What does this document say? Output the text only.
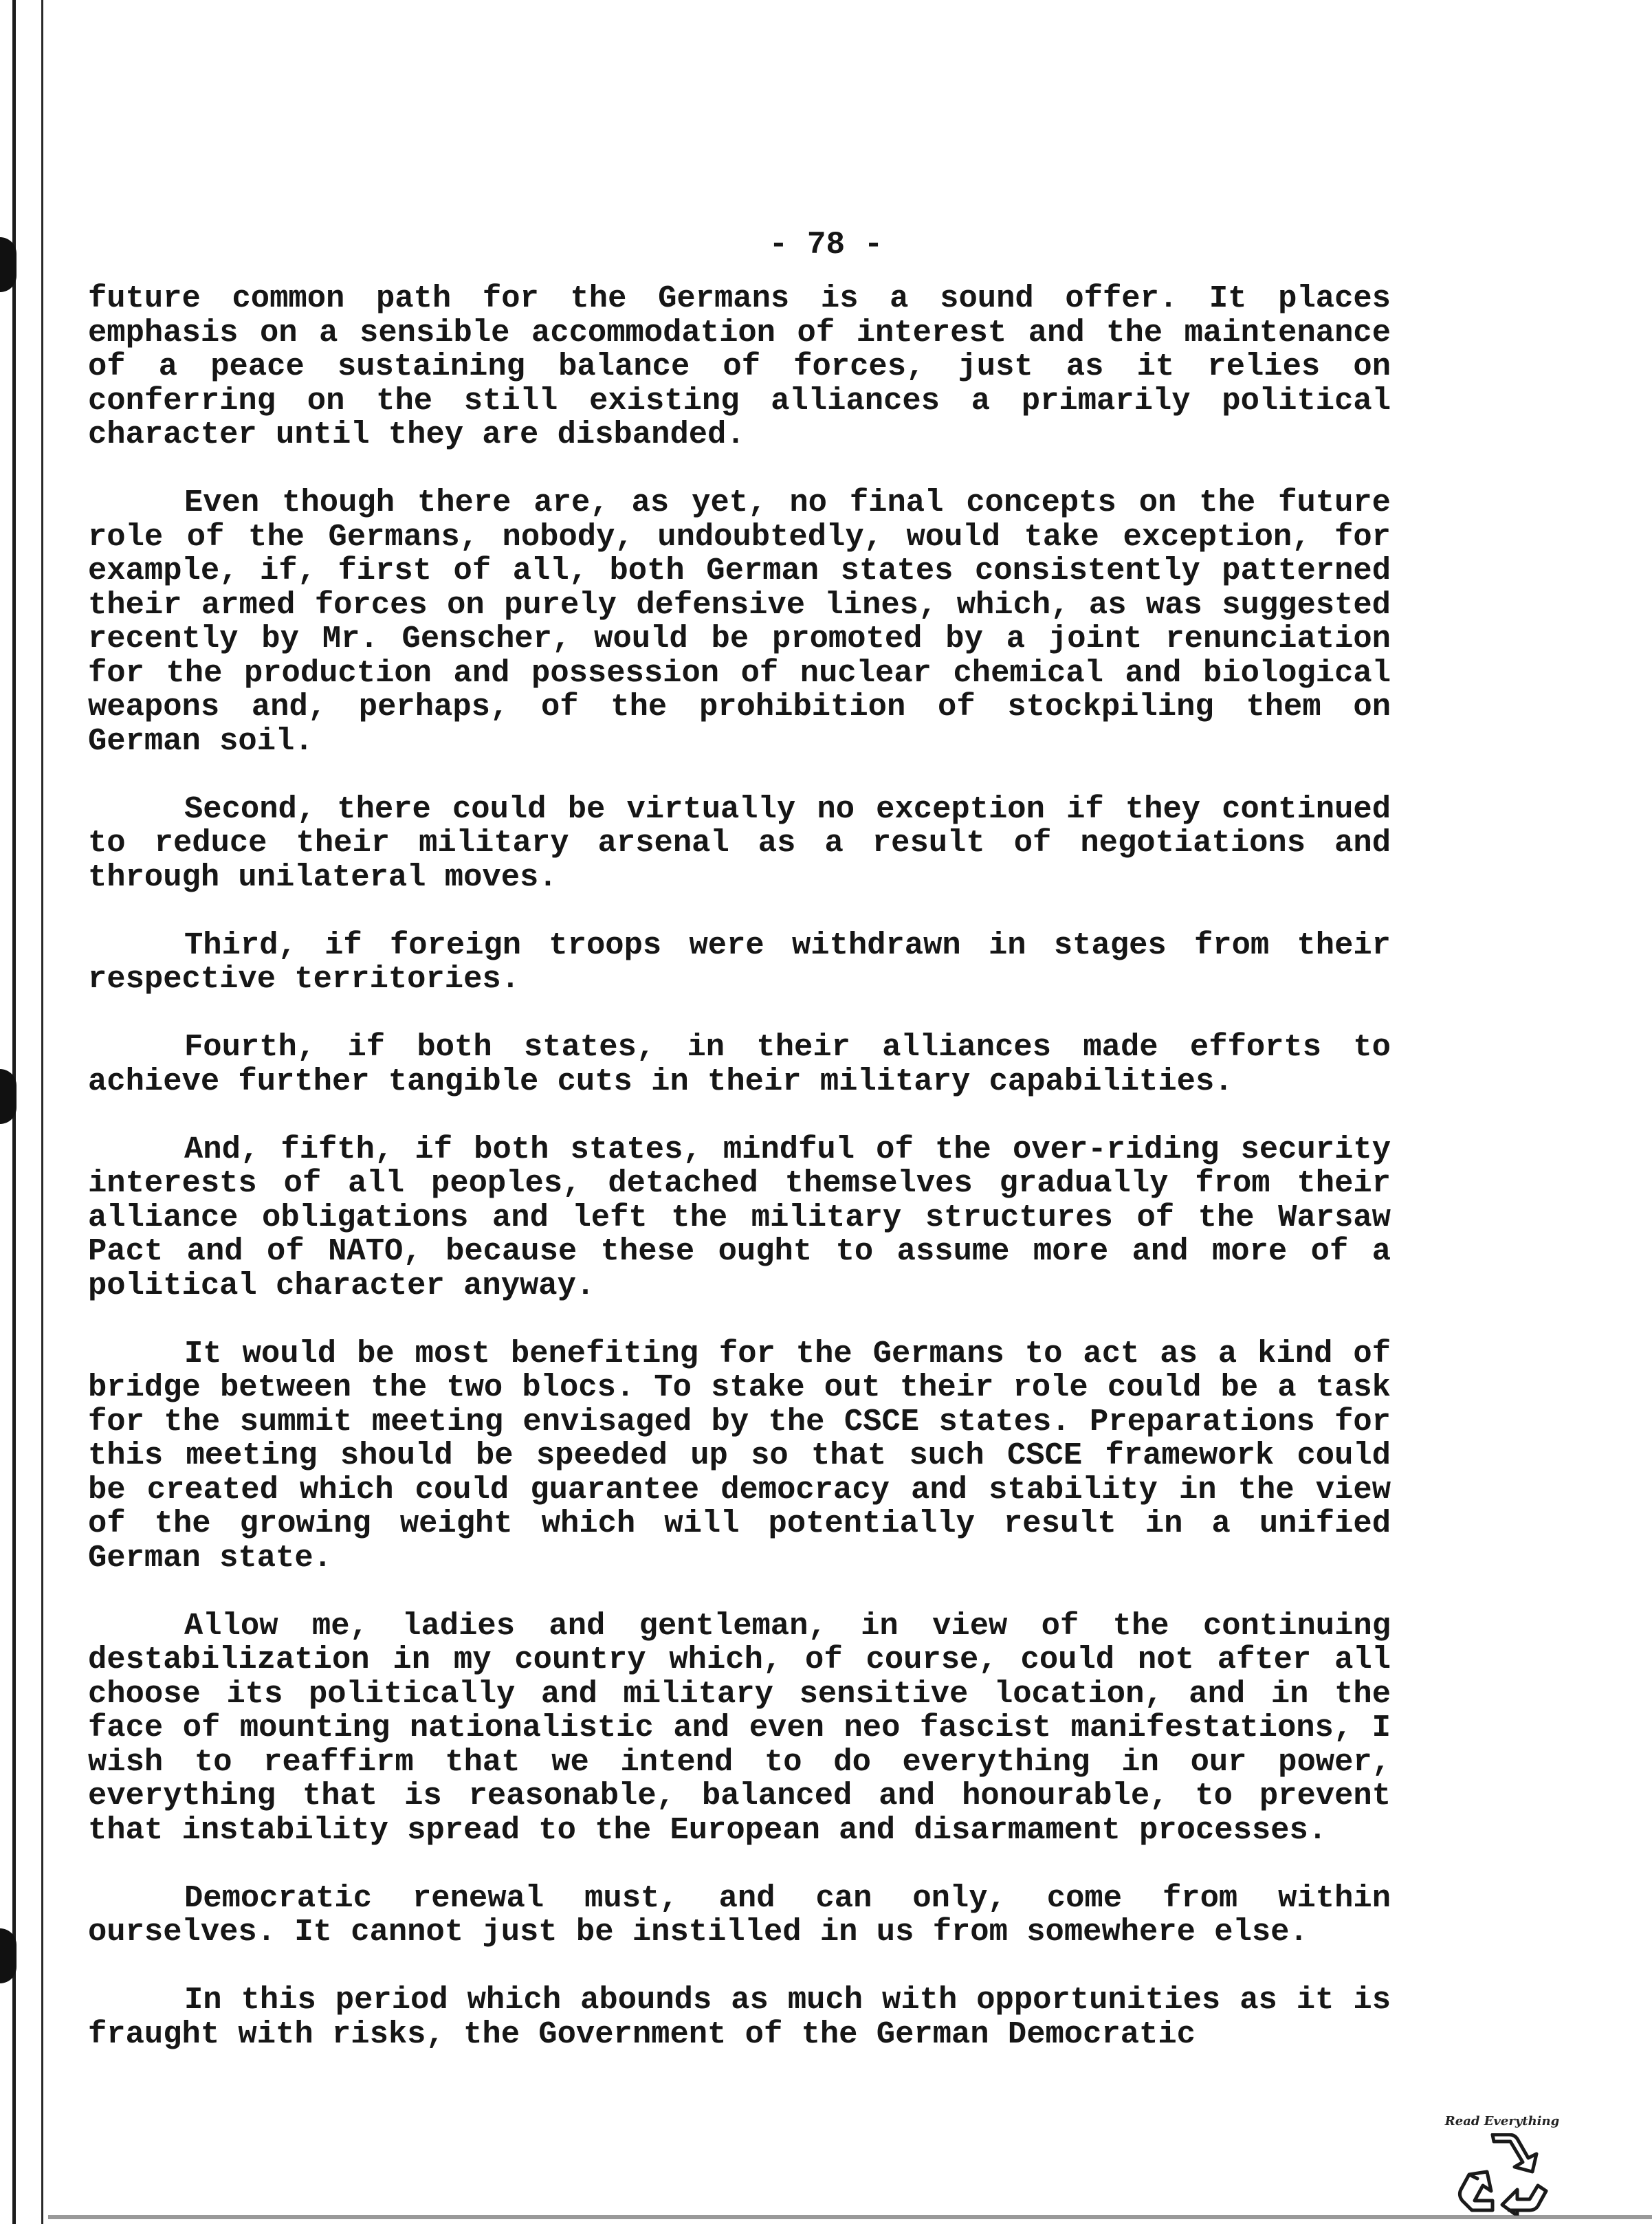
- 78 -

future common path for the Germans is a sound offer. It places emphasis on a sensible accommodation of interest and the maintenance of a peace sustaining balance of forces, just as it relies on conferring on the still existing alliances a primarily political character until they are disbanded.

Even though there are, as yet, no final concepts on the future role of the Germans, nobody, undoubtedly, would take exception, for example, if, first of all, both German states consistently patterned their armed forces on purely defensive lines, which, as was suggested recently by Mr. Genscher, would be promoted by a joint renunciation for the production and possession of nuclear chemical and biological weapons and, perhaps, of the prohibition of stockpiling them on German soil.

Second, there could be virtually no exception if they continued to reduce their military arsenal as a result of negotiations and through unilateral moves.

Third, if foreign troops were withdrawn in stages from their respective territories.

Fourth, if both states, in their alliances made efforts to achieve further tangible cuts in their military capabilities.

And, fifth, if both states, mindful of the over-riding security interests of all peoples, detached themselves gradually from their alliance obligations and left the military structures of the Warsaw Pact and of NATO, because these ought to assume more and more of a political character anyway.

It would be most benefiting for the Germans to act as a kind of bridge between the two blocs. To stake out their role could be a task for the summit meeting envisaged by the CSCE states. Preparations for this meeting should be speeded up so that such CSCE framework could be created which could guarantee democracy and stability in the view of the growing weight which will potentially result in a unified German state.

Allow me, ladies and gentleman, in view of the continuing destabilization in my country which, of course, could not after all choose its politically and military sensitive location, and in the face of mounting nationalistic and even neo fascist manifestations, I wish to reaffirm that we intend to do everything in our power, everything that is reasonable, balanced and honourable, to prevent that instability spread to the European and disarmament processes.

Democratic renewal must, and can only, come from within ourselves. It cannot just be instilled in us from somewhere else.

In this period which abounds as much with opportunities as it is fraught with risks, the Government of the German Democratic

Read Everything
